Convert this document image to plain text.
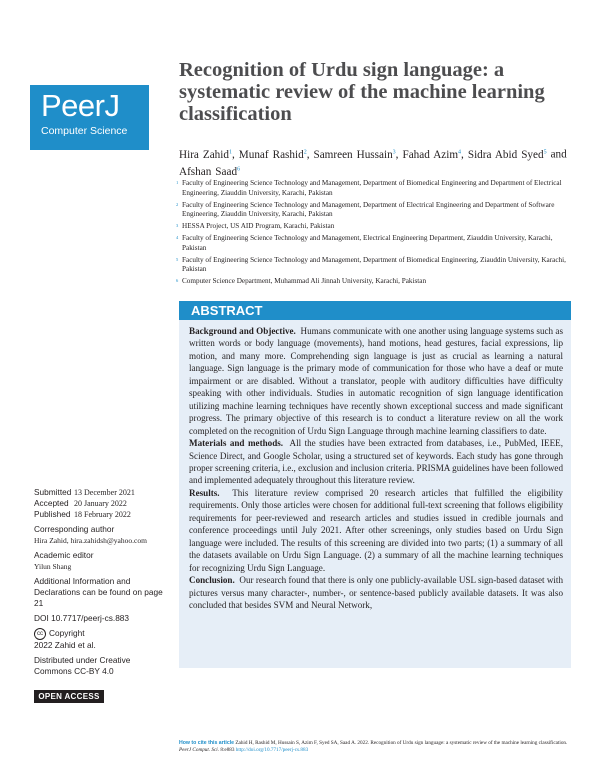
PeerJ
Computer Science
Recognition of Urdu sign language: a systematic review of the machine learning classification

Hira Zahid$^1$, Munaf Rashid$^2$, Samreen Hussain$^3$, Fahad Azim$^4$, Sidra Abid Syed$^5$ and Afshan Saad$^6$

1 Faculty of Engineering Science Technology and Management, Department of Biomedical Engineering and Department of Electrical Engineering, Ziauddin University, Karachi, Pakistan
2 Faculty of Engineering Science Technology and Management, Department of Electrical Engineering and Department of Software Engineering, Ziauddin University, Karachi, Pakistan
3 HESSA Project, US AID Program, Karachi, Pakistan
4 Faculty of Engineering Science Technology and Management, Electrical Engineering Department, Ziauddin University, Karachi, Pakistan
5 Faculty of Engineering Science Technology and Management, Department of Biomedical Engineering, Ziauddin University, Karachi, Pakistan
6 Computer Science Department, Muhammad Ali Jinnah University, Karachi, Pakistan
ABSTRACT

Background and Objective. Humans communicate with one another using language systems such as written words or body language (movements), hand motions, head gestures, facial expressions, lip motion, and many more. Comprehending sign language is just as crucial as learning a natural language. Sign language is the primary mode of communication for those who have a deaf or mute impairment or are disabled. Without a translator, people with auditory difficulties have difficulty speaking with other individuals. Studies in automatic recognition of sign language identification utilizing machine learning techniques have recently shown exceptional success and made significant progress. The primary objective of this research is to conduct a literature review on all the work completed on the recognition of Urdu Sign Language through machine learning classifiers to date.

Materials and methods. All the studies have been extracted from databases, i.e., PubMed, IEEE, Science Direct, and Google Scholar, using a structured set of keywords. Each study has gone through proper screening criteria, i.e., exclusion and inclusion criteria. PRISMA guidelines have been followed and implemented adequately throughout this literature review.

Results. This literature review comprised 20 research articles that fulfilled the eligibility requirements. Only those articles were chosen for additional full-text screening that follows eligibility requirements for peer-reviewed and research articles and studies issued in credible journals and conference proceedings until July 2021. After other screenings, only studies based on Urdu Sign language were included. The results of this screening are divided into two parts; (1) a summary of all the datasets available on Urdu Sign Language. (2) a summary of all the machine learning techniques for recognizing Urdu Sign Language.

Conclusion. Our research found that there is only one publicly-available USL sign-based dataset with pictures versus many character-, number-, or sentence-based publicly available datasets. It was also concluded that besides SVM and Neural Network,

Submitted 13 December 2021

Accepted 20 January 2022

Published 18 February 2022

Corresponding author
Hira Zahid, hira.zahidsh@yahoo.com
Academic editor
Yilun Shang
Additional Information and Declarations can be found on page 21
DOI 10.7717/peerj-cs.883
cc Copyright
2022 Zahid et al.
Distributed under Creative Commons CC-BY 4.0
OPEN ACCESS
How to cite this article Zahid H, Rashid M, Hussain S, Azim F, Syed SA, Saad A. 2022. Recognition of Urdu sign language: a systematic review of the machine learning classification. PeerJ Comput. Sci. 8:e883 http://doi.org/10.7717/peerj-cs.883
